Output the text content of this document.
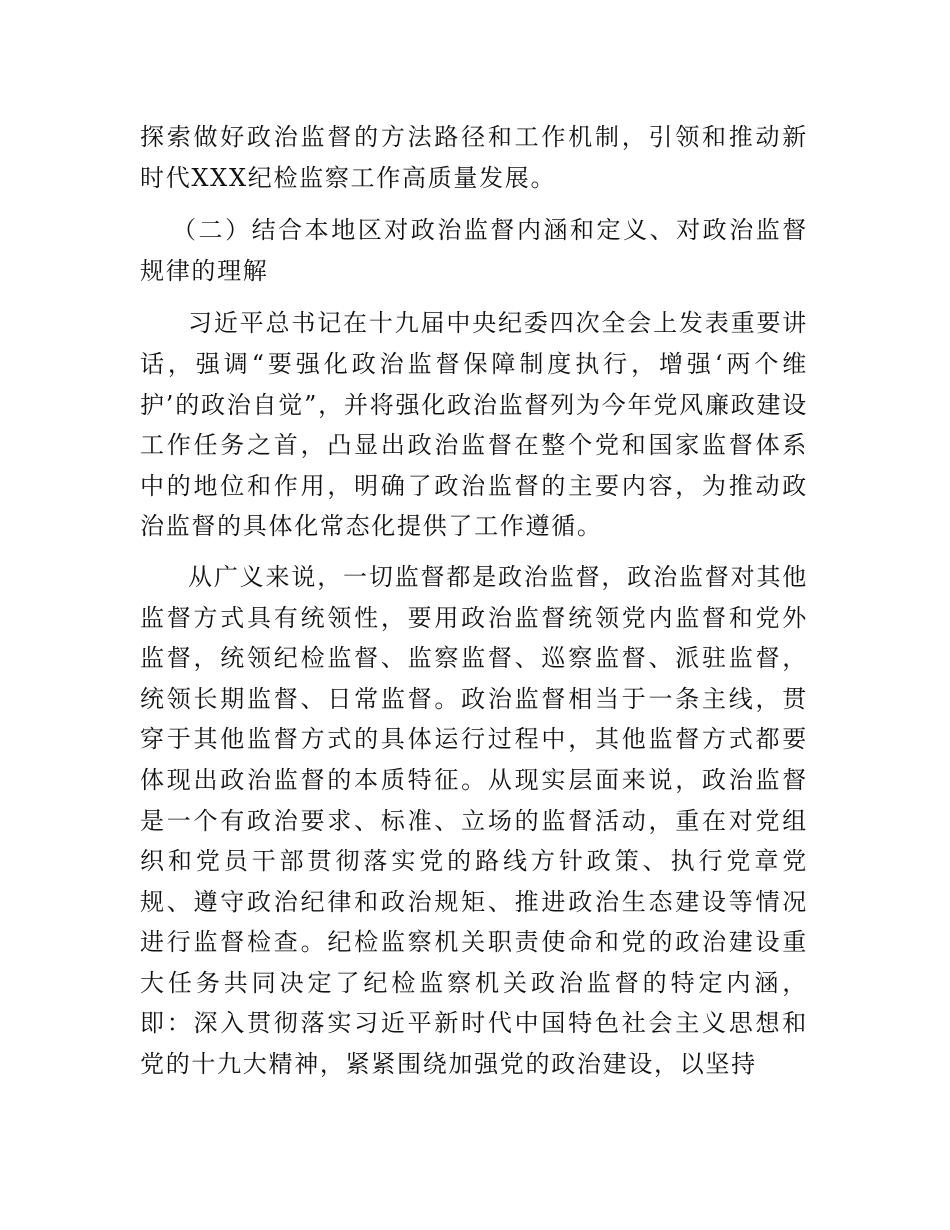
探索做好政治监督的方法路径和工作机制，引领和推动新时代XXX纪检监察工作高质量发展。

（二）结合本地区对政治监督内涵和定义、对政治监督规律的理解

习近平总书记在十九届中央纪委四次全会上发表重要讲话，强调“要强化政治监督保障制度执行，增强‘两个维护’的政治自觉”，并将强化政治监督列为今年党风廉政建设工作任务之首，凸显出政治监督在整个党和国家监督体系中的地位和作用，明确了政治监督的主要内容，为推动政治监督的具体化常态化提供了工作遵循。

从广义来说，一切监督都是政治监督，政治监督对其他监督方式具有统领性，要用政治监督统领党内监督和党外监督，统领纪检监督、监察监督、巡察监督、派驻监督，统领长期监督、日常监督。政治监督相当于一条主线，贯穿于其他监督方式的具体运行过程中，其他监督方式都要体现出政治监督的本质特征。从现实层面来说，政治监督是一个有政治要求、标准、立场的监督活动，重在对党组织和党员干部贯彻落实党的路线方针政策、执行党章党规、遵守政治纪律和政治规矩、推进政治生态建设等情况进行监督检查。纪检监察机关职责使命和党的政治建设重大任务共同决定了纪检监察机关政治监督的特定内涵，即：深入贯彻落实习近平新时代中国特色社会主义思想和党的十九大精神，紧紧围绕加强党的政治建设，以坚持
